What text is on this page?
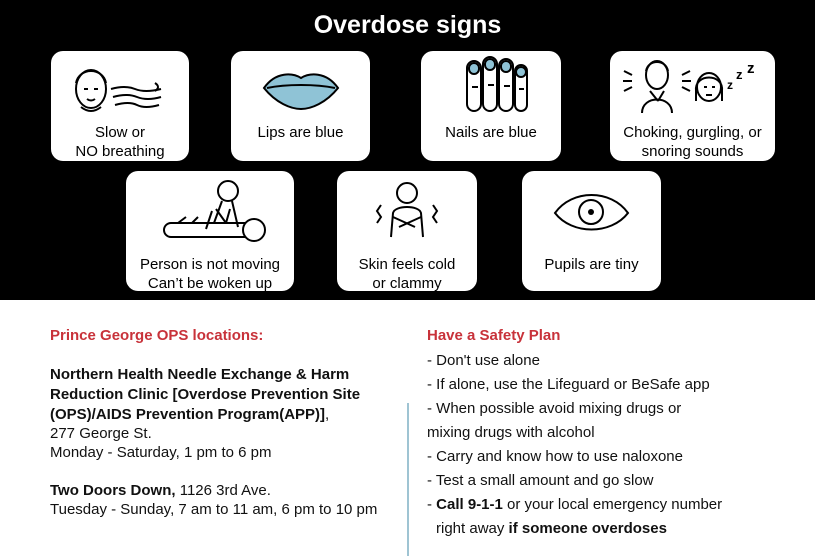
Overdose signs
Slow or
NO breathing
Lips are blue	Nails are blue
z
z z
Choking, gurgling, or
snoring sounds
Person is not moving
Can’t be woken up
Skin feels cold
or clammy
Pupils are tiny
Prince George OPS locations:
Northern Health Needle Exchange & Harm
Reduction Clinic [Overdose Prevention Site
(OPS)/AIDS Prevention Program(APP)],
277 George St.
Monday - Saturday, 1 pm to 6 pm
Two Doors Down, 1126 3rd Ave.
Tuesday - Sunday, 7 am to 11 am, 6 pm to 10 pm
Have a Safety Plan
- Don't use alone
- If alone, use the Lifeguard or BeSafe app
- When possible avoid mixing drugs or
mixing drugs with alcohol
- Carry and know how to use naloxone
- Test a small amount and go slow
- Call 9-1-1 or your local emergency number
right away if someone overdoses
